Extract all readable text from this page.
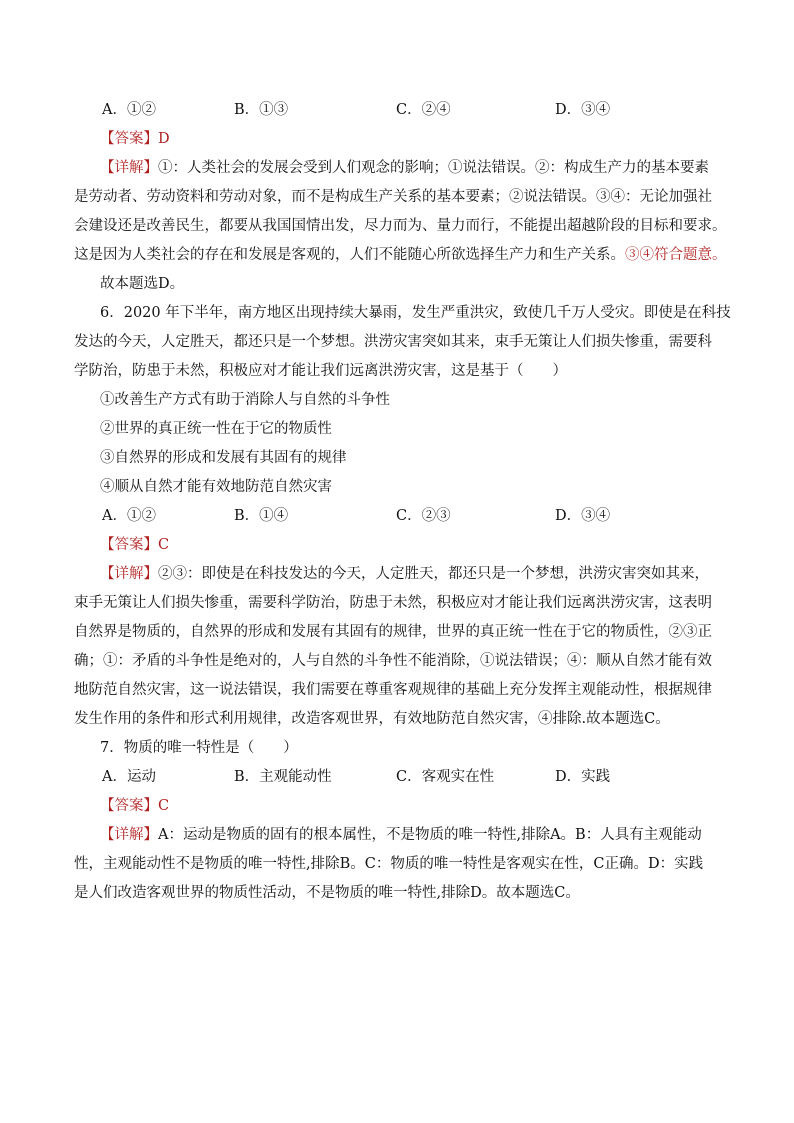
A．①②	B．①③	C．②④	D．③④
【答案】D
【详解】①：人类社会的发展会受到人们观念的影响；①说法错误。②：构成生产力的基本要素
是劳动者、劳动资料和劳动对象，而不是构成生产关系的基本要素；②说法错误。③④：无论加强社
会建设还是改善民生，都要从我国国情出发，尽力而为、量力而行，不能提出超越阶段的目标和要求。
这是因为人类社会的存在和发展是客观的，人们不能随心所欲选择生产力和生产关系。③④符合题意。
故本题选D。
6．2020 年下半年，南方地区出现持续大暴雨，发生严重洪灾，致使几千万人受灾。即使是在科技
发达的今天，人定胜天，都还只是一个梦想。洪涝灾害突如其来，束手无策让人们损失惨重，需要科
学防治，防患于未然，积极应对才能让我们远离洪涝灾害，这是基于（　　）
①改善生产方式有助于消除人与自然的斗争性
②世界的真正统一性在于它的物质性
③自然界的形成和发展有其固有的规律
④顺从自然才能有效地防范自然灾害
A．①②	B．①④	C．②③	D．③④
【答案】C
【详解】②③：即使是在科技发达的今天，人定胜天，都还只是一个梦想，洪涝灾害突如其来，
束手无策让人们损失惨重，需要科学防治，防患于未然，积极应对才能让我们远离洪涝灾害，这表明
自然界是物质的，自然界的形成和发展有其固有的规律，世界的真正统一性在于它的物质性，②③正
确；①：矛盾的斗争性是绝对的，人与自然的斗争性不能消除，①说法错误；④：顺从自然才能有效
地防范自然灾害，这一说法错误，我们需要在尊重客观规律的基础上充分发挥主观能动性，根据规律
发生作用的条件和形式利用规律，改造客观世界，有效地防范自然灾害，④排除.故本题选C。
7．物质的唯一特性是（　　）
A．运动	B．主观能动性	C．客观实在性	D．实践
【答案】C
【详解】A：运动是物质的固有的根本属性，不是物质的唯一特性,排除A。B：人具有主观能动
性，主观能动性不是物质的唯一特性,排除B。C：物质的唯一特性是客观实在性，C正确。D：实践
是人们改造客观世界的物质性活动，不是物质的唯一特性,排除D。故本题选C。
